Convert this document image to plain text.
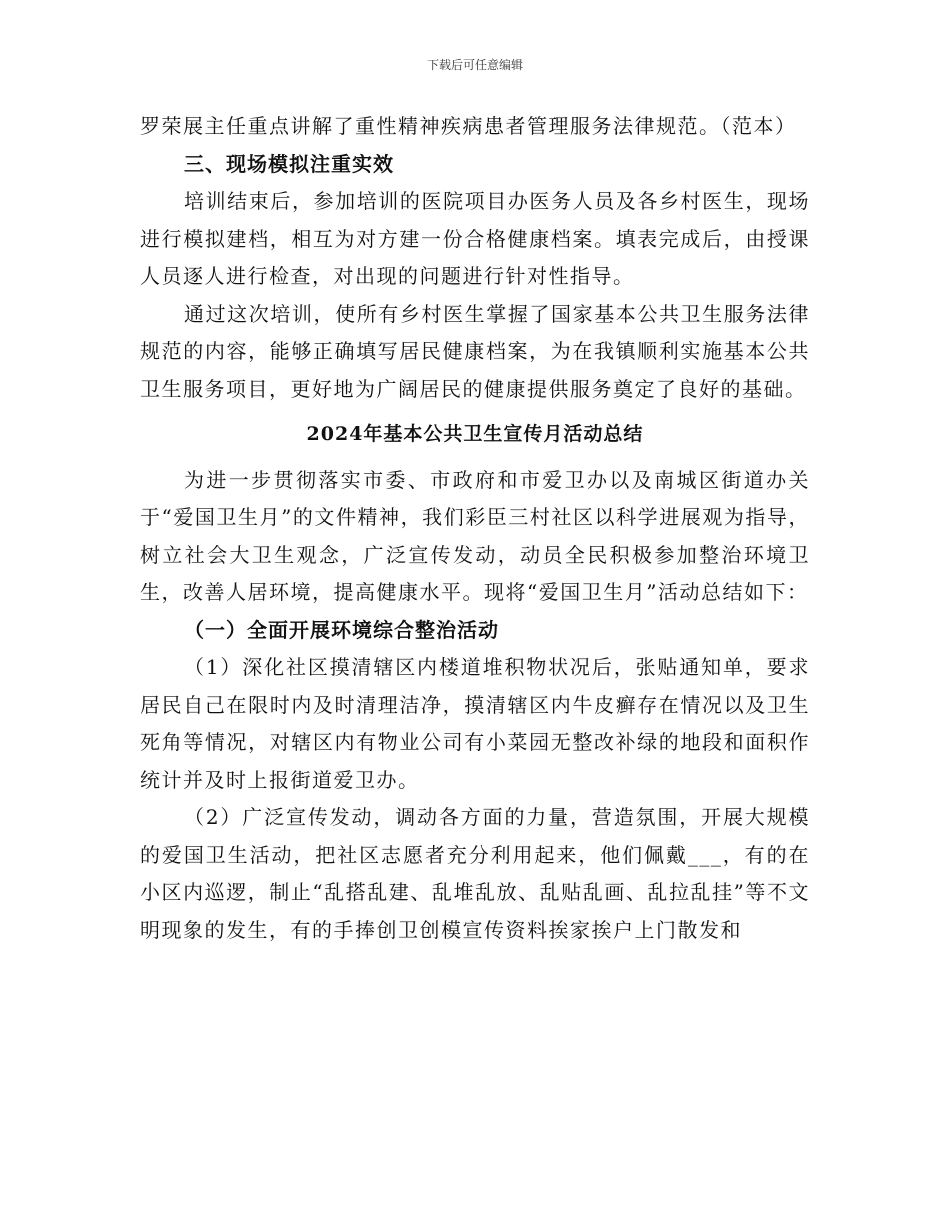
下载后可任意编辑

罗荣展主任重点讲解了重性精神疾病患者管理服务法律规范。（范本）

三、现场模拟注重实效

培训结束后，参加培训的医院项目办医务人员及各乡村医生，现场进行模拟建档，相互为对方建一份合格健康档案。填表完成后，由授课人员逐人进行检查，对出现的问题进行针对性指导。

通过这次培训，使所有乡村医生掌握了国家基本公共卫生服务法律规范的内容，能够正确填写居民健康档案，为在我镇顺利实施基本公共卫生服务项目，更好地为广阔居民的健康提供服务奠定了良好的基础。

2024年基本公共卫生宣传月活动总结

为进一步贯彻落实市委、市政府和市爱卫办以及南城区街道办关于“爱国卫生月”的文件精神，我们彩臣三村社区以科学进展观为指导，树立社会大卫生观念，广泛宣传发动，动员全民积极参加整治环境卫生，改善人居环境，提高健康水平。现将“爱国卫生月”活动总结如下：

（一）全面开展环境综合整治活动

（1）深化社区摸清辖区内楼道堆积物状况后，张贴通知单，要求居民自己在限时内及时清理洁净，摸清辖区内牛皮癣存在情况以及卫生死角等情况，对辖区内有物业公司有小菜园无整改补绿的地段和面积作统计并及时上报街道爱卫办。

（2）广泛宣传发动，调动各方面的力量，营造氛围，开展大规模的爱国卫生活动，把社区志愿者充分利用起来，他们佩戴___，有的在小区内巡逻，制止“乱搭乱建、乱堆乱放、乱贴乱画、乱拉乱挂”等不文明现象的发生，有的手捧创卫创模宣传资料挨家挨户上门散发和
